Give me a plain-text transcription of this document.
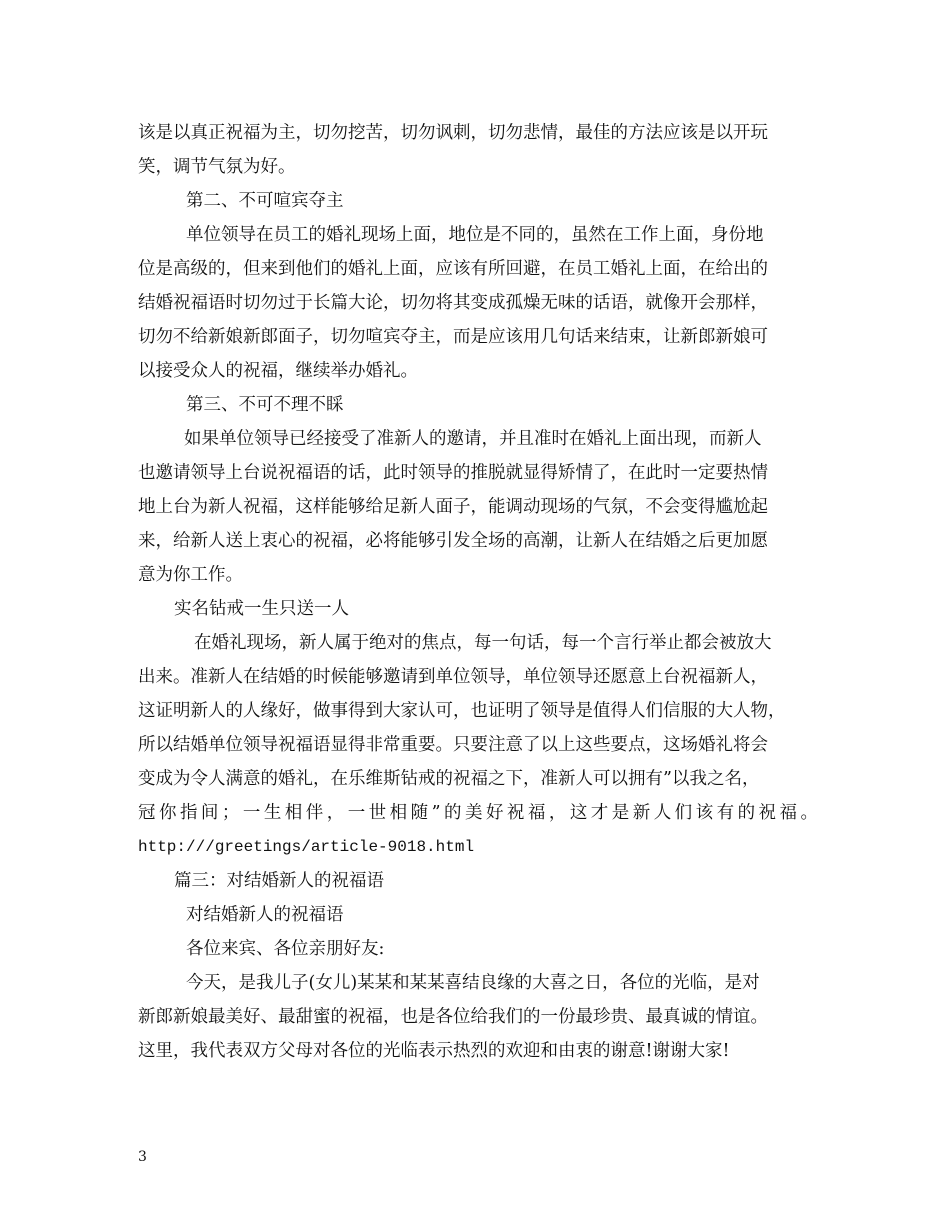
该是以真正祝福为主，切勿挖苦，切勿讽刺，切勿悲情，最佳的方法应该是以开玩
笑，调节气氛为好。
第二、不可喧宾夺主
单位领导在员工的婚礼现场上面，地位是不同的，虽然在工作上面，身份地
位是高级的，但来到他们的婚礼上面，应该有所回避，在员工婚礼上面，在给出的
结婚祝福语时切勿过于长篇大论，切勿将其变成孤燥无味的话语，就像开会那样，
切勿不给新娘新郎面子，切勿喧宾夺主，而是应该用几句话来结束，让新郎新娘可
以接受众人的祝福，继续举办婚礼。
第三、不可不理不睬
如果单位领导已经接受了准新人的邀请，并且准时在婚礼上面出现，而新人
也邀请领导上台说祝福语的话，此时领导的推脱就显得矫情了，在此时一定要热情
地上台为新人祝福，这样能够给足新人面子，能调动现场的气氛，不会变得尴尬起
来，给新人送上衷心的祝福，必将能够引发全场的高潮，让新人在结婚之后更加愿
意为你工作。
实名钻戒一生只送一人
在婚礼现场，新人属于绝对的焦点，每一句话，每一个言行举止都会被放大
出来。准新人在结婚的时候能够邀请到单位领导，单位领导还愿意上台祝福新人，
这证明新人的人缘好，做事得到大家认可，也证明了领导是值得人们信服的大人物，
所以结婚单位领导祝福语显得非常重要。只要注意了以上这些要点，这场婚礼将会
变成为令人满意的婚礼，在乐维斯钻戒的祝福之下，准新人可以拥有”以我之名，
冠你指间；一生相伴，一世相随”的美好祝福，这才是新人们该有的祝福。
http:///greetings/article-9018.html
篇三：对结婚新人的祝福语
对结婚新人的祝福语
各位来宾、各位亲朋好友:
今天，是我儿子(女儿)某某和某某喜结良缘的大喜之日，各位的光临，是对
新郎新娘最美好、最甜蜜的祝福，也是各位给我们的一份最珍贵、最真诚的情谊。
这里，我代表双方父母对各位的光临表示热烈的欢迎和由衷的谢意!谢谢大家!
3
